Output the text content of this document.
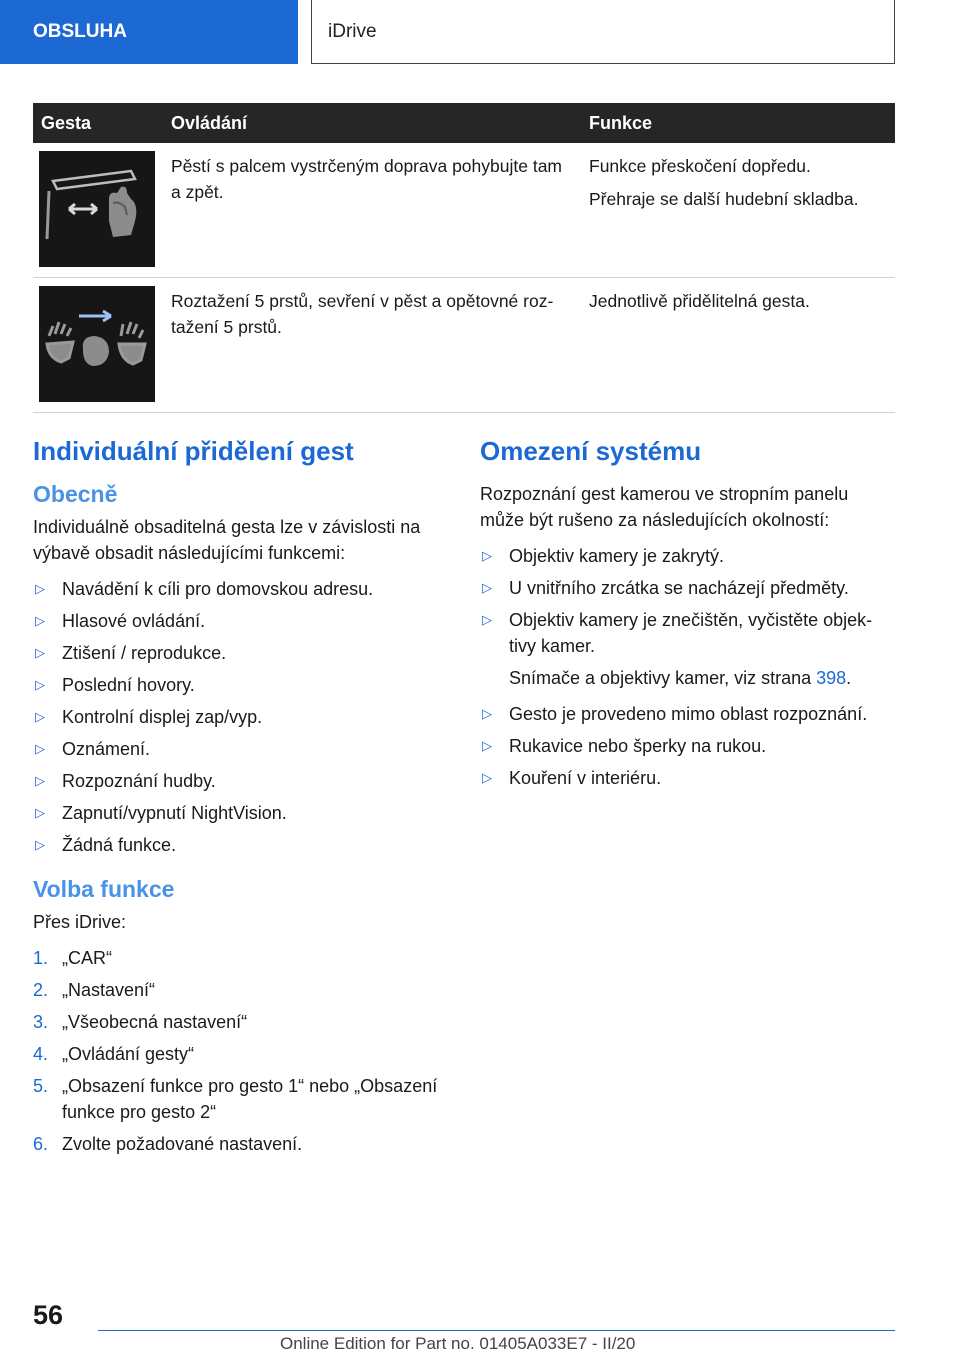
OBSLUHA	iDrive
Gesta	Ovládání	Funkce

	Pěstí s palcem vystrčeným doprava pohybujte tam a zpět.	Funkce přeskočení dopředu.

Přehraje se další hudební skladba.

	Roztažení 5 prstů, sevření v pěst a opětovné roz‐tažení 5 prstů.	Jednotlivě přidělitelná gesta.

Individuální přidělení gest
Obecně

Individuálně obsaditelná gesta lze v závislosti na výbavě obsadit následujícími funkcemi:

▷ Navádění k cíli pro domovskou adresu.
▷ Hlasové ovládání.
▷ Ztišení / reprodukce.
▷ Poslední hovory.
▷ Kontrolní displej zap/vyp.
▷ Oznámení.
▷ Rozpoznání hudby.
▷ Zapnutí/vypnutí NightVision.
▷ Žádná funkce.
Volba funkce

Přes iDrive:

1. „CAR“
2. „Nastavení“
3. „Všeobecná nastavení“
4. „Ovládání gesty“
5. „Obsazení funkce pro gesto 1“ nebo „Obsazení funkce pro gesto 2“
6. Zvolte požadované nastavení.
Omezení systému

Rozpoznání gest kamerou ve stropním panelu může být rušeno za následujících okolností:

▷ Objektiv kamery je zakrytý.
▷ U vnitřního zrcátka se nacházejí předměty.
▷ Objektiv kamery je znečištěn, vyčistěte objek‐tivy kamer.

Snímače a objektivy kamer, viz strana 398.

▷ Gesto je provedeno mimo oblast rozpoznání.
▷ Rukavice nebo šperky na rukou.
▷ Kouření v interiéru.
56
Online Edition for Part no. 01405A033E7 - II/20
